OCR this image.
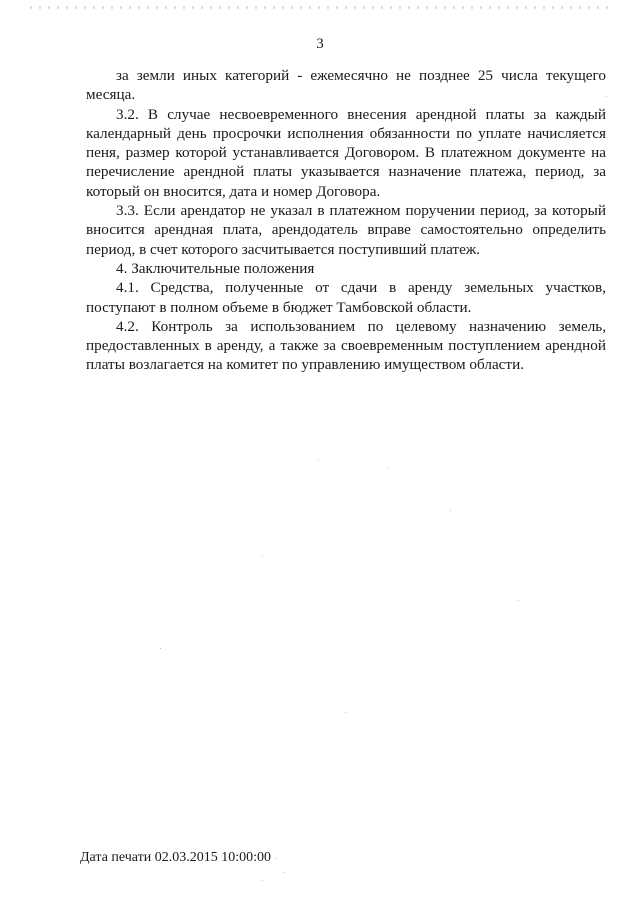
3

за земли иных категорий - ежемесячно не позднее 25 числа текущего месяца.

3.2. В случае несвоевременного внесения арендной платы за каждый календарный день просрочки исполнения обязанности по уплате начисляется пеня, размер которой устанавливается Договором. В платежном документе на перечисление арендной платы указывается назначение платежа, период, за который он вносится, дата и номер Договора.

3.3. Если арендатор не указал в платежном поручении период, за который вносится арендная плата, арендодатель вправе самостоятельно определить период, в счет которого засчитывается поступивший платеж.

4. Заключительные положения

4.1. Средства, полученные от сдачи в аренду земельных участков, поступают в полном объеме в бюджет Тамбовской области.

4.2. Контроль за использованием по целевому назначению земель, предоставленных в аренду, а также за своевременным поступлением арендной платы возлагается на комитет по управлению имуществом области.

Дата печати 02.03.2015 10:00:00
